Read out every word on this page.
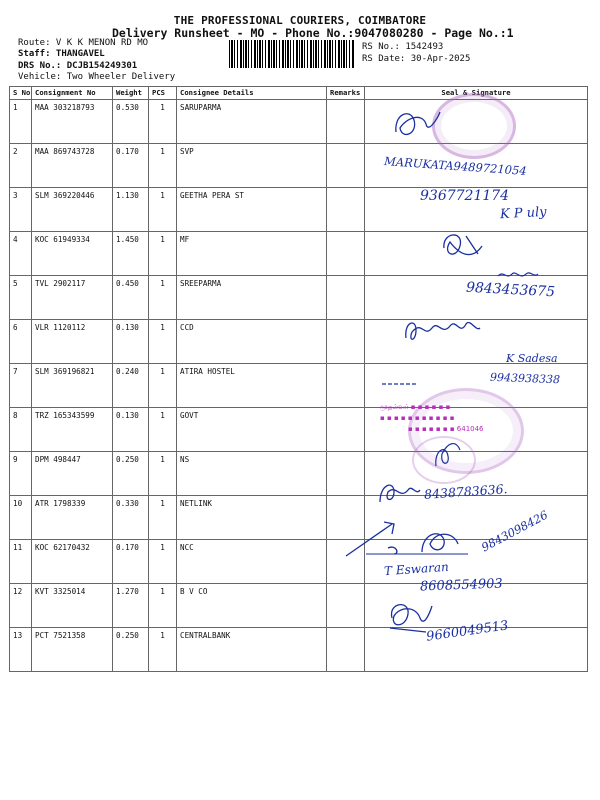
THE PROFESSIONAL COURIERS, COIMBATORE
Delivery Runsheet - MO - Phone No.:9047080280 - Page No.:1
Route: V K K MENON RD MO
Staff: THANGAVEL
DRS No.: DCJB154249301
Vehicle: Two Wheeler Delivery
RS No.: 1542493
RS Date: 30-Apr-2025
S No	Consignment No	Weight	PCS	Consignee Details	Remarks	Seal & Signature
1	MAA 303218793	0.530	1	SARUPARMA		
2	MAA 869743728	0.170	1	SVP		
3	SLM 369220446	1.130	1	GEETHA PERA ST		
4	KOC 61949334	1.450	1	MF		
5	TVL 2902117	0.450	1	SREEPARMA		
6	VLR 1120112	0.130	1	CCD		
7	SLM 369196821	0.240	1	ATIRA HOSTEL		
8	TRZ 165343599	0.130	1	GOVT		
9	DPM 498447	0.250	1	NS		
10	ATR 1798339	0.330	1	NETLINK		
11	KOC 62170432	0.170	1	NCC		
12	KVT 3325014	1.270	1	B V CO		
13	PCT 7521358	0.250	1	CENTRALBANK		
முதல்வர் ▪ ▪ ▪ ▪ ▪ ▪
▪ ▪ ▪ ▪ ▪ ▪ ▪ ▪ ▪ ▪ ▪
▪ ▪ ▪ ▪ ▪ ▪ ▪ 641046
MARUKATA9489721054
9367721174
K P uly
9843453675
K Sadesa
9943938338
8438783636.
9843098426
T Eswaran
8608554903
9660049513
